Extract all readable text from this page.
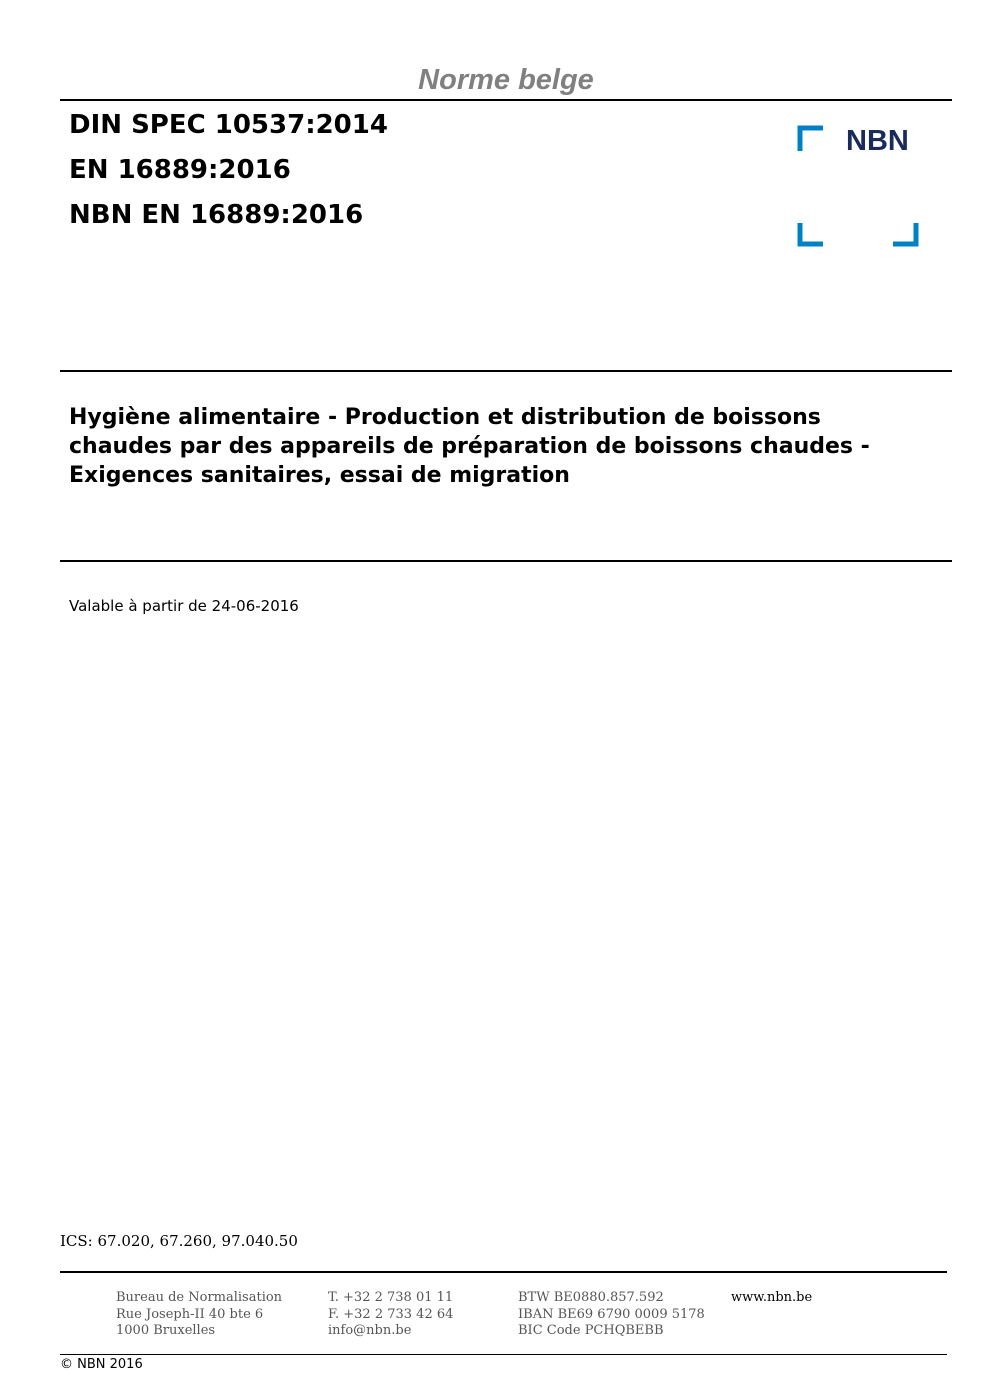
Norme belge
DIN SPEC 10537:2014
EN 16889:2016
NBN EN 16889:2016
NBN
Hygiène alimentaire - Production et distribution de boissons
chaudes par des appareils de préparation de boissons chaudes -
Exigences sanitaires, essai de migration
Valable à partir de 24-06-2016
ICS: 67.020, 67.260, 97.040.50
Bureau de Normalisation
Rue Joseph-II 40 bte 6
1000 Bruxelles
T. +32 2 738 01 11
F. +32 2 733 42 64
info@nbn.be
BTW BE0880.857.592
IBAN BE69 6790 0009 5178
BIC Code PCHQBEBB
www.nbn.be
© NBN 2016
